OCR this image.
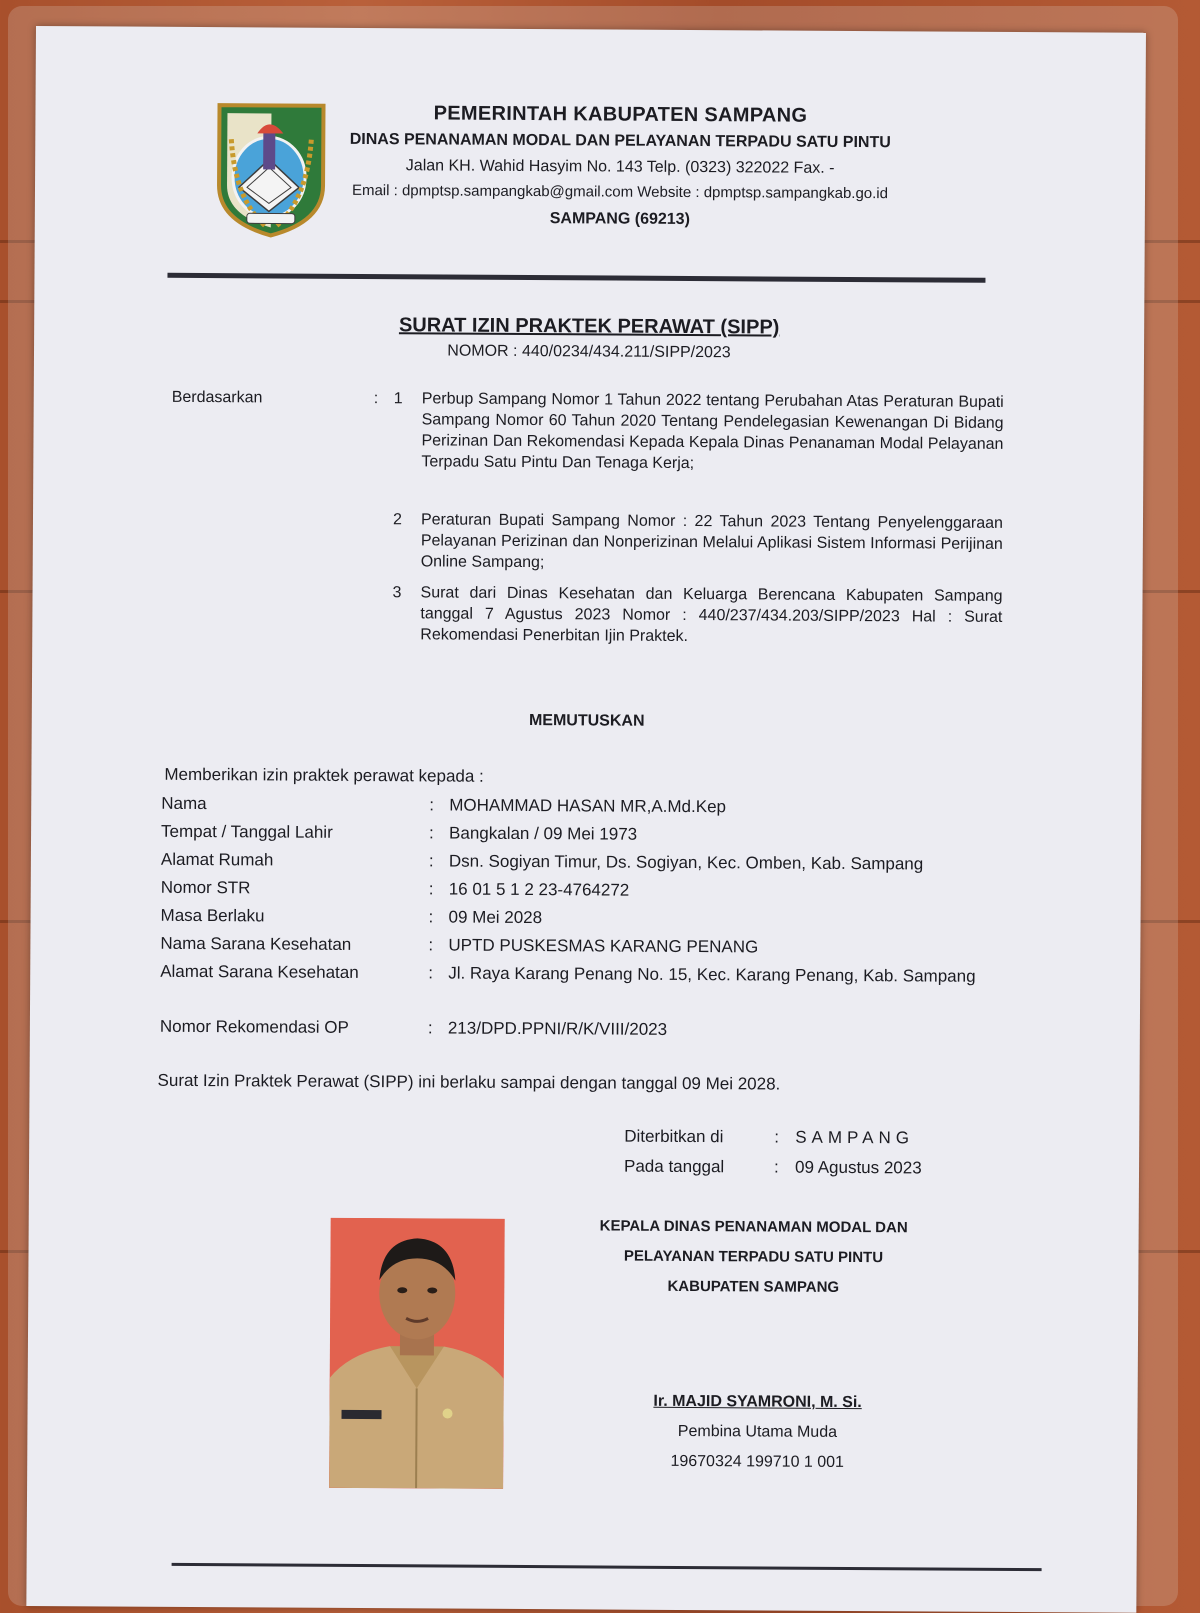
PEMERINTAH KABUPATEN SAMPANG
DINAS PENANAMAN MODAL DAN PELAYANAN TERPADU SATU PINTU
Jalan KH. Wahid Hasyim No. 143 Telp. (0323) 322022 Fax. -
Email : dpmptsp.sampangkab@gmail.com Website : dpmptsp.sampangkab.go.id
SAMPANG (69213)
SURAT IZIN PRAKTEK PERAWAT (SIPP)
NOMOR : 440/0234/434.211/SIPP/2023
Berdasarkan	: 1	Perbup Sampang Nomor 1 Tahun 2022 tentang Perubahan Atas Peraturan Bupati Sampang Nomor 60 Tahun 2020 Tentang Pendelegasian Kewenangan Di Bidang Perizinan Dan Rekomendasi Kepada Kepala Dinas Penanaman Modal Pelayanan Terpadu Satu Pintu Dan Tenaga Kerja;
2	Peraturan Bupati Sampang Nomor : 22 Tahun 2023 Tentang Penyelenggaraan Pelayanan Perizinan dan Nonperizinan Melalui Aplikasi Sistem Informasi Perijinan Online Sampang;
3	Surat dari Dinas Kesehatan dan Keluarga Berencana Kabupaten Sampang tanggal 7 Agustus 2023 Nomor : 440/237/434.203/SIPP/2023 Hal : Surat Rekomendasi Penerbitan Ijin Praktek.
MEMUTUSKAN
Memberikan izin praktek perawat kepada :
Nama	: MOHAMMAD HASAN MR,A.Md.Kep
Tempat / Tanggal Lahir	: Bangkalan / 09 Mei 1973
Alamat Rumah	: Dsn. Sogiyan Timur, Ds. Sogiyan, Kec. Omben, Kab. Sampang
Nomor STR	: 16 01 5 1 2 23-4764272
Masa Berlaku	: 09 Mei 2028
Nama Sarana Kesehatan	: UPTD PUSKESMAS KARANG PENANG
Alamat Sarana Kesehatan	: Jl. Raya Karang Penang No. 15, Kec. Karang Penang, Kab. Sampang
Nomor Rekomendasi OP	: 213/DPD.PPNI/R/K/VIII/2023
Surat Izin Praktek Perawat (SIPP) ini berlaku sampai dengan tanggal 09 Mei 2028.
Diterbitkan di	: SAMPANG
Pada tanggal	: 09 Agustus 2023
KEPALA DINAS PENANAMAN MODAL DAN
PELAYANAN TERPADU SATU PINTU
KABUPATEN SAMPANG
Ir. MAJID SYAMRONI, M. Si.
Pembina Utama Muda
19670324 199710 1 001
